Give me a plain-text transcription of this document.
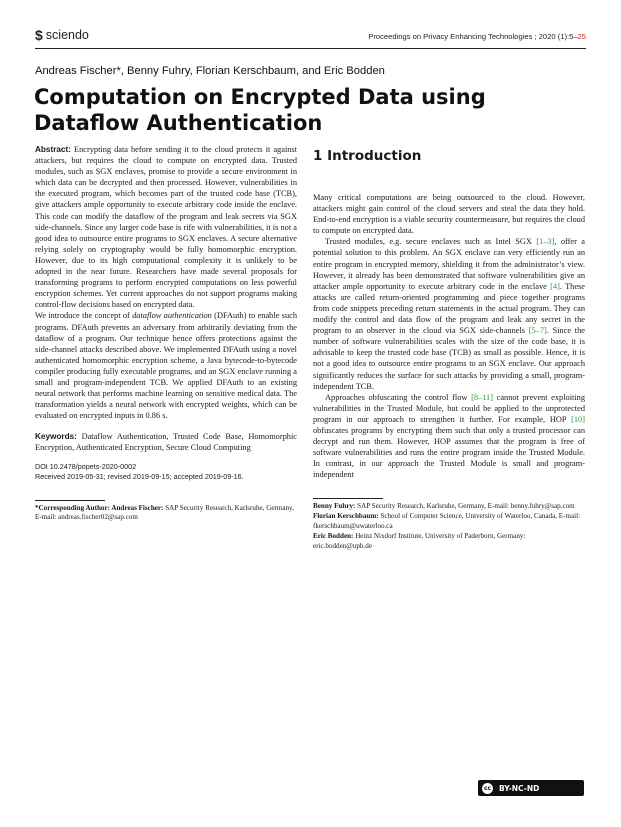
$ sciendo	Proceedings on Privacy Enhancing Technologies ; 2020 (1):5–25
Andreas Fischer*, Benny Fuhry, Florian Kerschbaum, and Eric Bodden
Computation on Encrypted Data using Dataflow Authentication

Abstract: Encrypting data before sending it to the cloud protects it against attackers, but requires the cloud to compute on encrypted data. Trusted modules, such as SGX enclaves, promise to provide a secure environment in which data can be decrypted and then processed. However, vulnerabilities in the executed program, which becomes part of the trusted code base (TCB), give attackers ample opportunity to execute arbitrary code inside the enclave. This code can modify the dataflow of the program and leak secrets via SGX side-channels. Since any larger code base is rife with vulnerabilities, it is not a good idea to outsource entire programs to SGX enclaves. A secure alternative relying solely on cryptography would be fully homomorphic encryption. However, due to its high computational complexity it is unlikely to be adopted in the near future. Researchers have made several proposals for transforming programs to perform encrypted computations on less powerful encryption schemes. Yet current approaches do not support programs making control-flow decisions based on encrypted data.

We introduce the concept of dataflow authentication (DFAuth) to enable such programs. DFAuth prevents an adversary from arbitrarily deviating from the dataflow of a program. Our technique hence offers protections against the side-channel attacks described above. We implemented DFAuth using a novel authenticated homomorphic encryption scheme, a Java bytecode-to-bytecode compiler producing fully executable programs, and an SGX enclave running a small and program-independent TCB. We applied DFAuth to an existing neural network that performs machine learning on sensitive medical data. The transformation yields a neural network with encrypted weights, which can be evaluated on encrypted inputs in 0.86 s.

Keywords: Dataflow Authentication, Trusted Code Base, Homomorphic Encryption, Authenticated Encryption, Secure Cloud Computing

DOI 10.2478/popets-2020-0002

Received 2019-05-31; revised 2019-09-15; accepted 2019-09-16.

*Corresponding Author: Andreas Fischer: SAP Security Research, Karlsruhe, Germany, E-mail: andreas.fischer02@sap.com

1 Introduction

Many critical computations are being outsourced to the cloud. However, attackers might gain control of the cloud servers and steal the data they hold. End-to-end encryption is a viable security countermeasure, but requires the cloud to compute on encrypted data.

Trusted modules, e.g. secure enclaves such as Intel SGX [1–3], offer a potential solution to this problem. An SGX enclave can very efficiently run an entire program in encrypted memory, shielding it from the administrator’s view. However, it already has been demonstrated that software vulnerabilities give an attacker ample opportunity to execute arbitrary code in the enclave [4]. These attacks are called return-oriented programming and piece together programs from code snippets preceding return statements in the actual program. They can modify the control and data flow of the program and leak any secret in the program to an observer in the cloud via SGX side-channels [5–7]. Since the number of software vulnerabilities scales with the size of the code base, it is advisable to keep the trusted code base (TCB) as small as possible. Hence, it is not a good idea to outsource entire programs to an SGX enclave. Our approach significantly reduces the surface for such attacks by providing a small, program-independent TCB.

Approaches obfuscating the control flow [8–11] cannot prevent exploiting vulnerabilities in the Trusted Module, but could be applied to the unprotected program in our approach to strengthen it further. For example, HOP [10] obfuscates programs by encrypting them such that only a trusted processor can decrypt and run them. However, HOP assumes that the program is free of software vulnerabilities and runs the entire program inside the Trusted Module. In contrast, in our approach the Trusted Module is small and program-independent

Benny Fuhry: SAP Security Research, Karlsruhe, Germany, E-mail: benny.fuhry@sap.com

Florian Kerschbaum: School of Computer Science, University of Waterloo, Canada, E-mail: fkerschbaum@uwaterloo.ca

Eric Bodden: Heinz Nixdorf Institute, University of Paderborn, Germany: eric.bodden@upb.de

cc BY-NC-ND
